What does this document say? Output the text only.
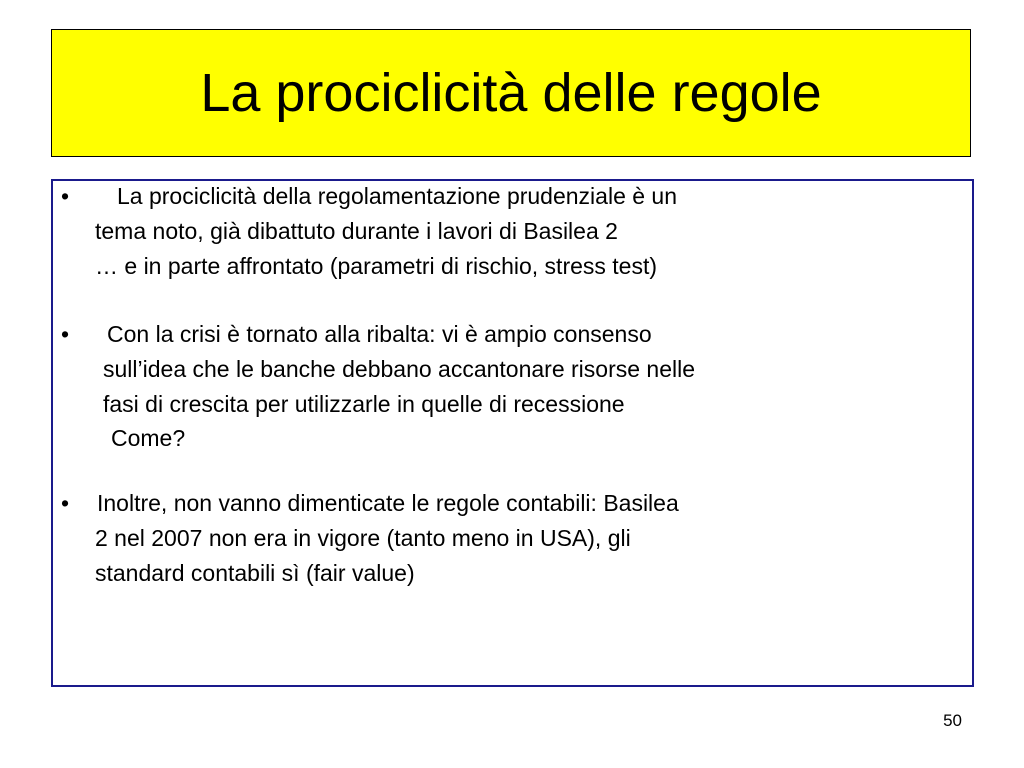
La prociclicità delle regole
• La prociclicità della regolamentazione prudenziale è un
tema noto, già dibattuto durante i lavori di Basilea 2
… e in parte affrontato (parametri di rischio, stress test)
• Con la crisi è tornato alla ribalta: vi è ampio consenso
sull’idea che le banche debbano accantonare risorse nelle
fasi di crescita per utilizzarle in quelle di recessione
Come?
• Inoltre, non vanno dimenticate le regole contabili: Basilea
2 nel 2007 non era in vigore (tanto meno in USA), gli
standard contabili sì (fair value)
50
